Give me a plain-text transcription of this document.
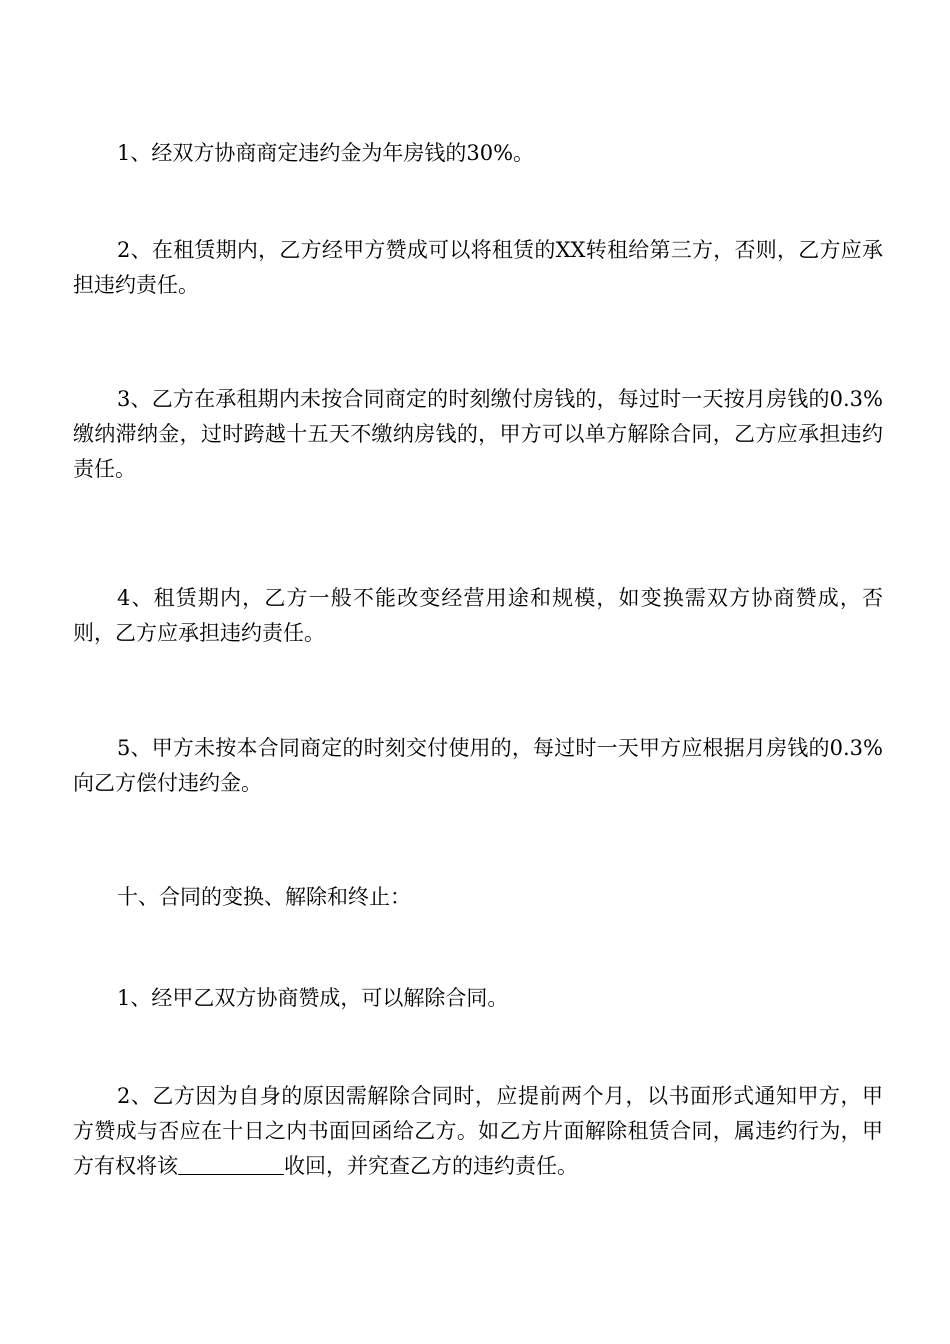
1、经双方协商商定违约金为年房钱的30%。

2、在租赁期内，乙方经甲方赞成可以将租赁的XX转租给第三方，否则，乙方应承担违约责任。

3、乙方在承租期内未按合同商定的时刻缴付房钱的，每过时一天按月房钱的0.3%缴纳滞纳金，过时跨越十五天不缴纳房钱的，甲方可以单方解除合同，乙方应承担违约责任。

4、租赁期内，乙方一般不能改变经营用途和规模，如变换需双方协商赞成，否则，乙方应承担违约责任。

5、甲方未按本合同商定的时刻交付使用的，每过时一天甲方应根据月房钱的0.3%向乙方偿付违约金。

十、合同的变换、解除和终止：

1、经甲乙双方协商赞成，可以解除合同。

2、乙方因为自身的原因需解除合同时，应提前两个月，以书面形式通知甲方，甲方赞成与否应在十日之内书面回函给乙方。如乙方片面解除租赁合同，属违约行为，甲方有权将该	收回，并究查乙方的违约责任。
